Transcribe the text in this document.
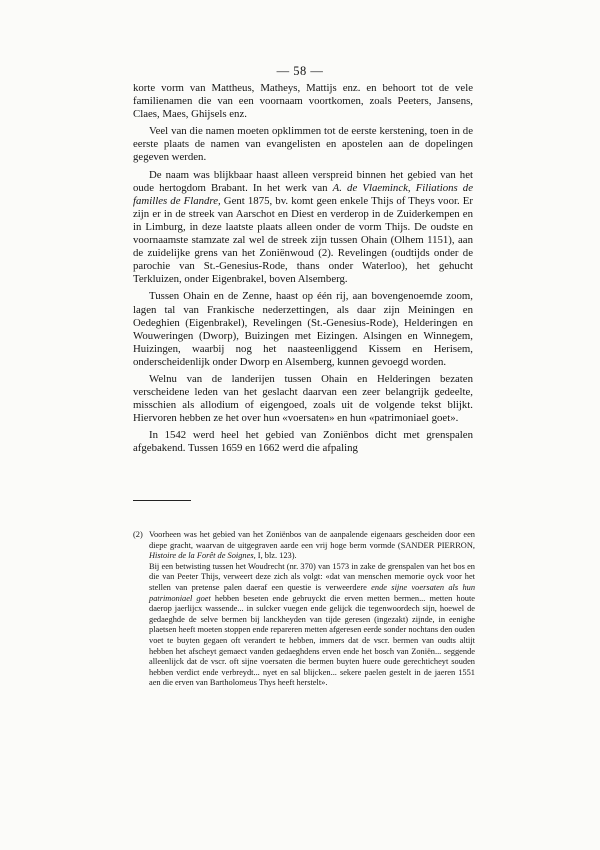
— 58 —

korte vorm van Mattheus, Matheys, Mattijs enz. en behoort tot de vele familienamen die van een voornaam voortkomen, zoals Peeters, Jansens, Claes, Maes, Ghijsels enz.

Veel van die namen moeten opklimmen tot de eerste kerstening, toen in de eerste plaats de namen van evangelisten en apostelen aan de dopelingen gegeven werden.

De naam was blijkbaar haast alleen verspreid binnen het gebied van het oude hertogdom Brabant. In het werk van A. de Vlaeminck, Filiations de familles de Flandre, Gent 1875, bv. komt geen enkele Thijs of Theys voor. Er zijn er in de streek van Aarschot en Diest en verderop in de Zuiderkempen en in Limburg, in deze laatste plaats alleen onder de vorm Thijs. De oudste en voornaamste stamzate zal wel de streek zijn tussen Ohain (Olhem 1151), aan de zuidelijke grens van het Zoniënwoud (2). Revelingen (oudtijds onder de parochie van St.-Genesius-Rode, thans onder Waterloo), het gehucht Terkluizen, onder Eigenbrakel, boven Alsemberg.

Tussen Ohain en de Zenne, haast op één rij, aan bovengenoemde zoom, lagen tal van Frankische nederzettingen, als daar zijn Meiningen en Oedeghien (Eigenbrakel), Revelingen (St.-Genesius-Rode), Helderingen en Wouweringen (Dworp), Buizingen met Eizingen. Alsingen en Winnegem, Huizingen, waarbij nog het naasteenliggend Kissem en Herisem, onderscheidenlijk onder Dworp en Alsemberg, kunnen gevoegd worden.

Welnu van de landerijen tussen Ohain en Helderingen bezaten verscheidene leden van het geslacht daarvan een zeer belangrijk gedeelte, misschien als allodium of eigengoed, zoals uit de volgende tekst blijkt. Hiervoren hebben ze het over hun «voersaten» en hun «patrimoniael goet».

In 1542 werd heel het gebied van Zoniënbos dicht met grenspalen afgebakend. Tussen 1659 en 1662 werd die afpaling

(2) Voorheen was het gebied van het Zoniënbos van de aanpalende eigenaars gescheiden door een diepe gracht, waarvan de uitgegraven aarde een vrij hoge berm vormde (SANDER PIERRON, Histoire de la Forêt de Soignes, I, blz. 123).

Bij een betwisting tussen het Woudrecht (nr. 370) van 1573 in zake de grenspalen van het bos en die van Peeter Thijs, verweert deze zich als volgt: «dat van menschen memorie oyck voor het stellen van pretense palen daeraf een questie is verweerdere ende sijne voersaten als hun patrimoniael goet hebben beseten ende gebruyckt die erven metten bermen... metten houte daerop jaerlijcx wassende... in sulcker vuegen ende gelijck die tegenwoordech sijn, hoewel de gedaeghde de selve bermen bij lanckheyden van tijde geresen (ingezakt) zijnde, in eenighe plaetsen heeft moeten stoppen ende repareren metten afgeresen eerde sonder nochtans den ouden voet te buyten gegaen oft verandert te hebben, immers dat de vscr. bermen van oudts altijt hebben het afscheyt gemaect vanden gedaeghdens erven ende het bosch van Zoniën... seggende alleenlijck dat de vscr. oft sijne voersaten die bermen buyten huere oude gerechticheyt souden hebben verdict ende verbreydt... nyet en sal blijcken... sekere paelen gestelt in de jaeren 1551 aen die erven van Bartholomeus Thys heeft herstelt».
